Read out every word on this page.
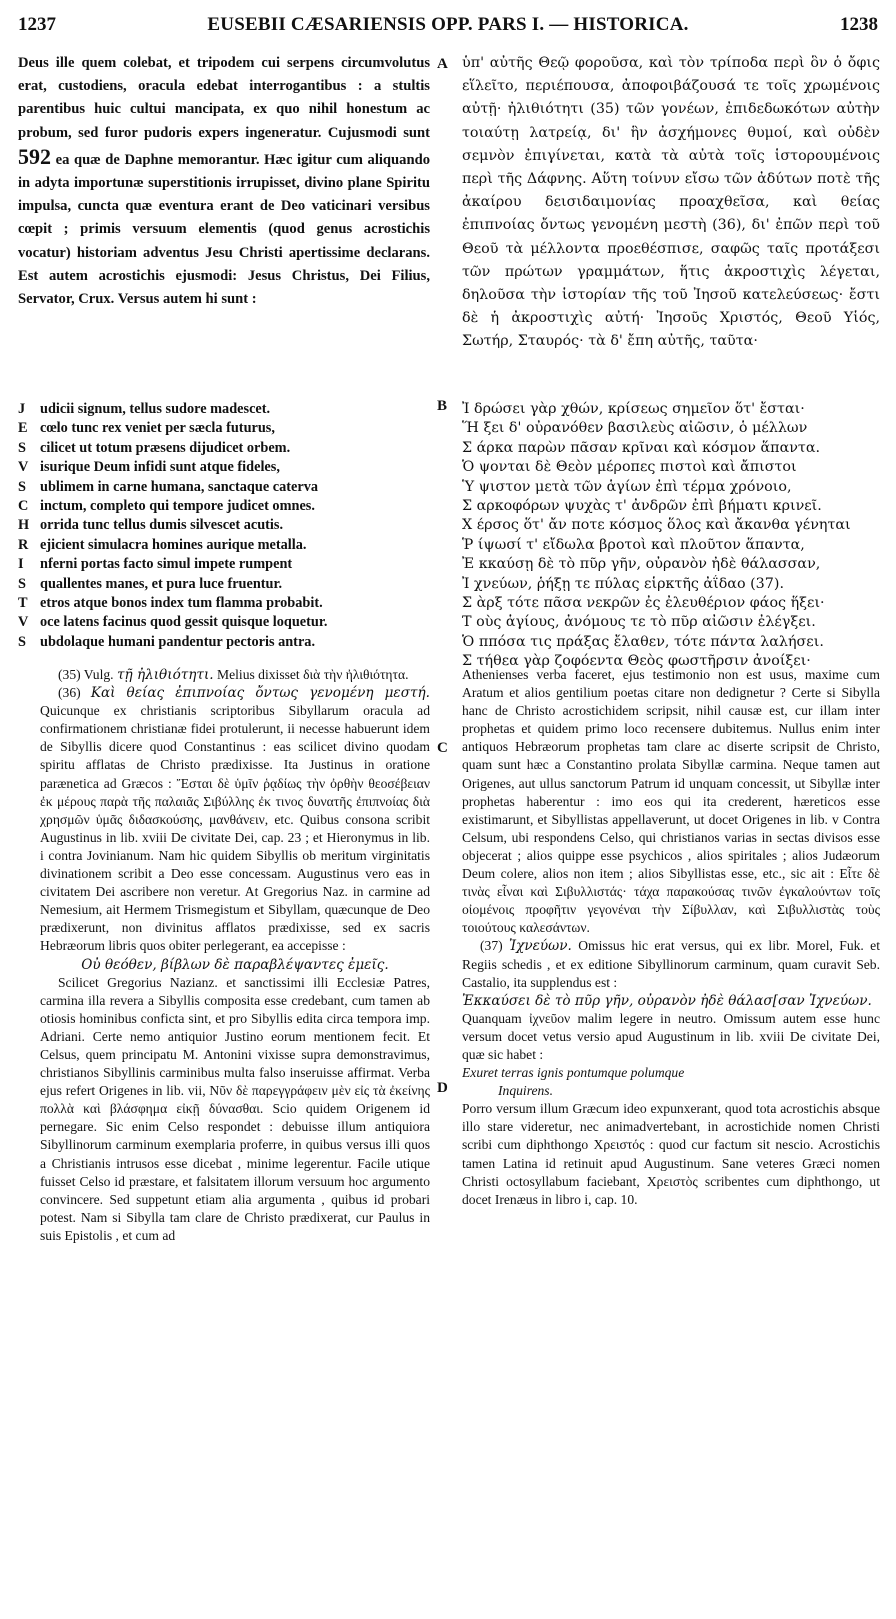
1237	EUSEBII CÆSARIENSIS OPP. PARS I. — HISTORICA.	1238
A
B
C
D

Deus ille quem colebat, et tripodem cui serpens circumvolutus erat, custodiens, oracula edebat interrogantibus : a stultis parentibus huic cultui mancipata, ex quo nihil honestum ac probum, sed furor pudoris expers ingeneratur. Cujusmodi sunt 592 ea quæ de Daphne memorantur. Hæc igitur cum aliquando in adyta importunæ superstitionis irrupisset, divino plane Spiritu impulsa, cuncta quæ eventura erant de Deo vaticinari versibus cœpit ; primis versuum elementis (quod genus acrostichis vocatur) historiam adventus Jesu Christi apertissime declarans. Est autem acrostichis ejusmodi: Jesus Christus, Dei Filius, Servator, Crux. Versus autem hi sunt :

ὑπ' αὐτῆς Θεῷ φοροῦσα, καὶ τὸν τρίποδα περὶ ὃν ὁ ὄφις εἵλεῖτο, περιέπουσα, ἀποφοιβάζουσά τε τοῖς χρωμένοις αὐτῇ· ἠλιθιότητι (35) τῶν γονέων, ἐπιδεδωκότων αὐτὴν τοιαύτῃ λατρείᾳ, δι' ἣν ἀσχήμονες θυμοί, καὶ οὐδὲν σεμνὸν ἐπιγίνεται, κατὰ τὰ αὐτὰ τοῖς ἱστορουμένοις περὶ τῆς Δάφνης. Αὕτη τοίνυν εἴσω τῶν ἀδύτων ποτὲ τῆς ἀκαίρου δεισιδαιμονίας προαχθεῖσα, καὶ θείας ἐπιπνοίας ὄντως γενομένη μεστὴ (36), δι' ἐπῶν περὶ τοῦ Θεοῦ τὰ μέλλοντα προεθέσπισε, σαφῶς ταῖς προτάξεσι τῶν πρώτων γραμμάτων, ἥτις ἀκροστιχὶς λέγεται, δηλοῦσα τὴν ἱστορίαν τῆς τοῦ Ἰησοῦ κατελεύσεως· ἔστι δὲ ἡ ἀκροστιχὶς αὐτή· Ἰησοῦς Χριστός, Θεοῦ Υἱός, Σωτήρ, Σταυρός· τὰ δ' ἔπη αὐτῆς, ταῦτα·

J udicii signum, tellus sudore madescet.
E cœlo tunc rex veniet per sæcla futurus,
S cilicet ut totum præsens dijudicet orbem.
V isurique Deum infidi sunt atque fideles,
S ublimem in carne humana, sanctaque caterva
C inctum, completo qui tempore judicet omnes.
H orrida tunc tellus dumis silvescet acutis.
R ejicient simulacra homines aurique metalla.
I nferni portas facto simul impete rumpent
S quallentes manes, et pura luce fruentur.
T etros atque bonos index tum flamma probabit.
V oce latens facinus quod gessit quisque loquetur.
S ubdolaque humani pandentur pectoris antra.
Ἰ δρώσει γὰρ χθών, κρίσεως σημεῖον ὅτ' ἔσται·
Ἥ ξει δ' οὐρανόθεν βασιλεὺς αἰῶσιν, ὁ μέλλων
Σ άρκα παρὼν πᾶσαν κρῖναι καὶ κόσμον ἅπαντα.
Ὁ ψονται δὲ Θεὸν μέροπες πιστοὶ καὶ ἄπιστοι
Ὑ ψιστον μετὰ τῶν ἁγίων ἐπὶ τέρμα χρόνοιο,
Σ αρκοφόρων ψυχὰς τ' ἀνδρῶν ἐπὶ βήματι κρινεῖ.
Χ έρσος ὅτ' ἄν ποτε κόσμος ὅλος καὶ ἄκανθα γένηται
Ῥ ίψωσί τ' εἴδωλα βροτοὶ καὶ πλοῦτον ἅπαντα,
Ἐ κκαύσῃ δὲ τὸ πῦρ γῆν, οὐρανὸν ἠδὲ θάλασσαν,
Ἰ χνεύων, ῥήξῃ τε πύλας εἱρκτῆς ἀΐδαο (37).
Σ ὰρξ τότε πᾶσα νεκρῶν ἐς ἐλευθέριον φάος ἥξει·
Τ οὺς ἁγίους, ἀνόμους τε τὸ πῦρ αἰῶσιν ἐλέγξει.
Ὁ ππόσα τις πράξας ἔλαθεν, τότε πάντα λαλήσει.
Σ τήθεα γὰρ ζοφόεντα Θεὸς φωστῆρσιν ἀνοίξει·

(35) Vulg. τῇ ἠλιθιότητι. Melius dixisset διὰ τὴν ἠλιθιότητα.

(36) Καὶ θείας ἐπιπνοίας ὄντως γενομένη μεστή. Quicunque ex christianis scriptoribus Sibyllarum oracula ad confirmationem christianæ fidei protulerunt, ii necesse habuerunt idem de Sibyllis dicere quod Constantinus : eas scilicet divino quodam spiritu afflatas de Christo prædixisse. Ita Justinus in oratione parænetica ad Græcos : Ἔσται δὲ ὑμῖν ῥᾳδίως τὴν ὀρθὴν θεοσέβειαν ἐκ μέρους παρὰ τῆς παλαιᾶς Σιβύλλης ἐκ τινος δυνατῆς ἐπιπνοίας διὰ χρησμῶν ὑμᾶς διδασκούσης, μανθάνειν, etc. Quibus consona scribit Augustinus in lib. xviii De civitate Dei, cap. 23 ; et Hieronymus in lib. i contra Jovinianum. Nam hic quidem Sibyllis ob meritum virginitatis divinationem scribit a Deo esse concessam. Augustinus vero eas in civitatem Dei ascribere non veretur. At Gregorius Naz. in carmine ad Nemesium, ait Hermem Trismegistum et Sibyllam, quæcunque de Deo prædixerunt, non divinitus afflatos prædixisse, sed ex sacris Hebræorum libris quos obiter perlegerant, ea accepisse :

Οὐ θεόθεν, βίβλων δὲ παραβλέψαντες ἐμεῖς.

Scilicet Gregorius Nazianz. et sanctissimi illi Ecclesiæ Patres, carmina illa revera a Sibyllis composita esse credebant, cum tamen ab otiosis hominibus conficta sint, et pro Sibyllis edita circa tempora imp. Adriani. Certe nemo antiquior Justino eorum mentionem fecit. Et Celsus, quem principatu M. Antonini vixisse supra demonstravimus, christianos Sibyllinis carminibus multa falso inseruisse affirmat. Verba ejus refert Origenes in lib. vii, Νῦν δὲ παρεγγράφειν μὲν εἰς τὰ ἐκείνης πολλὰ καὶ βλάσφημα εἰκῇ δύνασθαι. Scio quidem Origenem id pernegare. Sic enim Celso respondet : debuisse illum antiquiora Sibyllinorum carminum exemplaria proferre, in quibus versus illi quos a Christianis intrusos esse dicebat , minime legerentur. Facile utique fuisset Celso id præstare, et falsitatem illorum versuum hoc argumento convincere. Sed suppetunt etiam alia argumenta , quibus id probari potest. Nam si Sibylla tam clare de Christo prædixerat, cur Paulus in suis Epistolis , et cum ad

Athenienses verba faceret, ejus testimonio non est usus, maxime cum Aratum et alios gentilium poetas citare non dedignetur ? Certe si Sibylla hanc de Christo acrostichidem scripsit, nihil causæ est, cur illam inter prophetas et quidem primo loco recensere dubitemus. Nullus enim inter antiquos Hebræorum prophetas tam clare ac diserte scripsit de Christo, quam sunt hæc a Constantino prolata Sibyllæ carmina. Neque tamen aut Origenes, aut ullus sanctorum Patrum id unquam concessit, ut Sibyllæ inter prophetas haberentur : imo eos qui ita crederent, hæreticos esse existimarunt, et Sibyllistas appellaverunt, ut docet Origenes in lib. v Contra Celsum, ubi respondens Celso, qui christianos varias in sectas divisos esse objecerat ; alios quippe esse psychicos , alios spiritales ; alios Judæorum Deum colere, alios non item ; alios Sibyllistas esse, etc., sic ait : Εἶτε δὲ τινὰς εἶναι καὶ Σιβυλλιστάς· τάχα παρακούσας τινῶν ἐγκαλούντων τοῖς οἰομένοις προφῆτιν γεγονέναι τὴν Σίβυλλαν, καὶ Σιβυλλιστὰς τοὺς τοιούτους καλεσάντων.

(37) Ἰχνεύων. Omissus hic erat versus, qui ex libr. Morel, Fuk. et Regiis schedis , et ex editione Sibyllinorum carminum, quam curavit Seb. Castalio, ita supplendus est :

Ἐκκαύσει δὲ τὸ πῦρ γῆν, οὐρανὸν ἠδὲ θάλασ[σαν Ἰχνεύων.

Quanquam ἰχνεῦον malim legere in neutro. Omissum autem esse hunc versum docet vetus versio apud Augustinum in lib. xviii De civitate Dei, quæ sic habet :

Exuret terras ignis pontumque polumque

Inquirens.

Porro versum illum Græcum ideo expunxerant, quod tota acrostichis absque illo stare videretur, nec animadvertebant, in acrostichide nomen Christi scribi cum diphthongo Χρειστός : quod cur factum sit nescio. Acrostichis tamen Latina id retinuit apud Augustinum. Sane veteres Græci nomen Christi octosyllabum faciebant, Χρειστὸς scribentes cum diphthongo, ut docet Irenæus in libro i, cap. 10.
